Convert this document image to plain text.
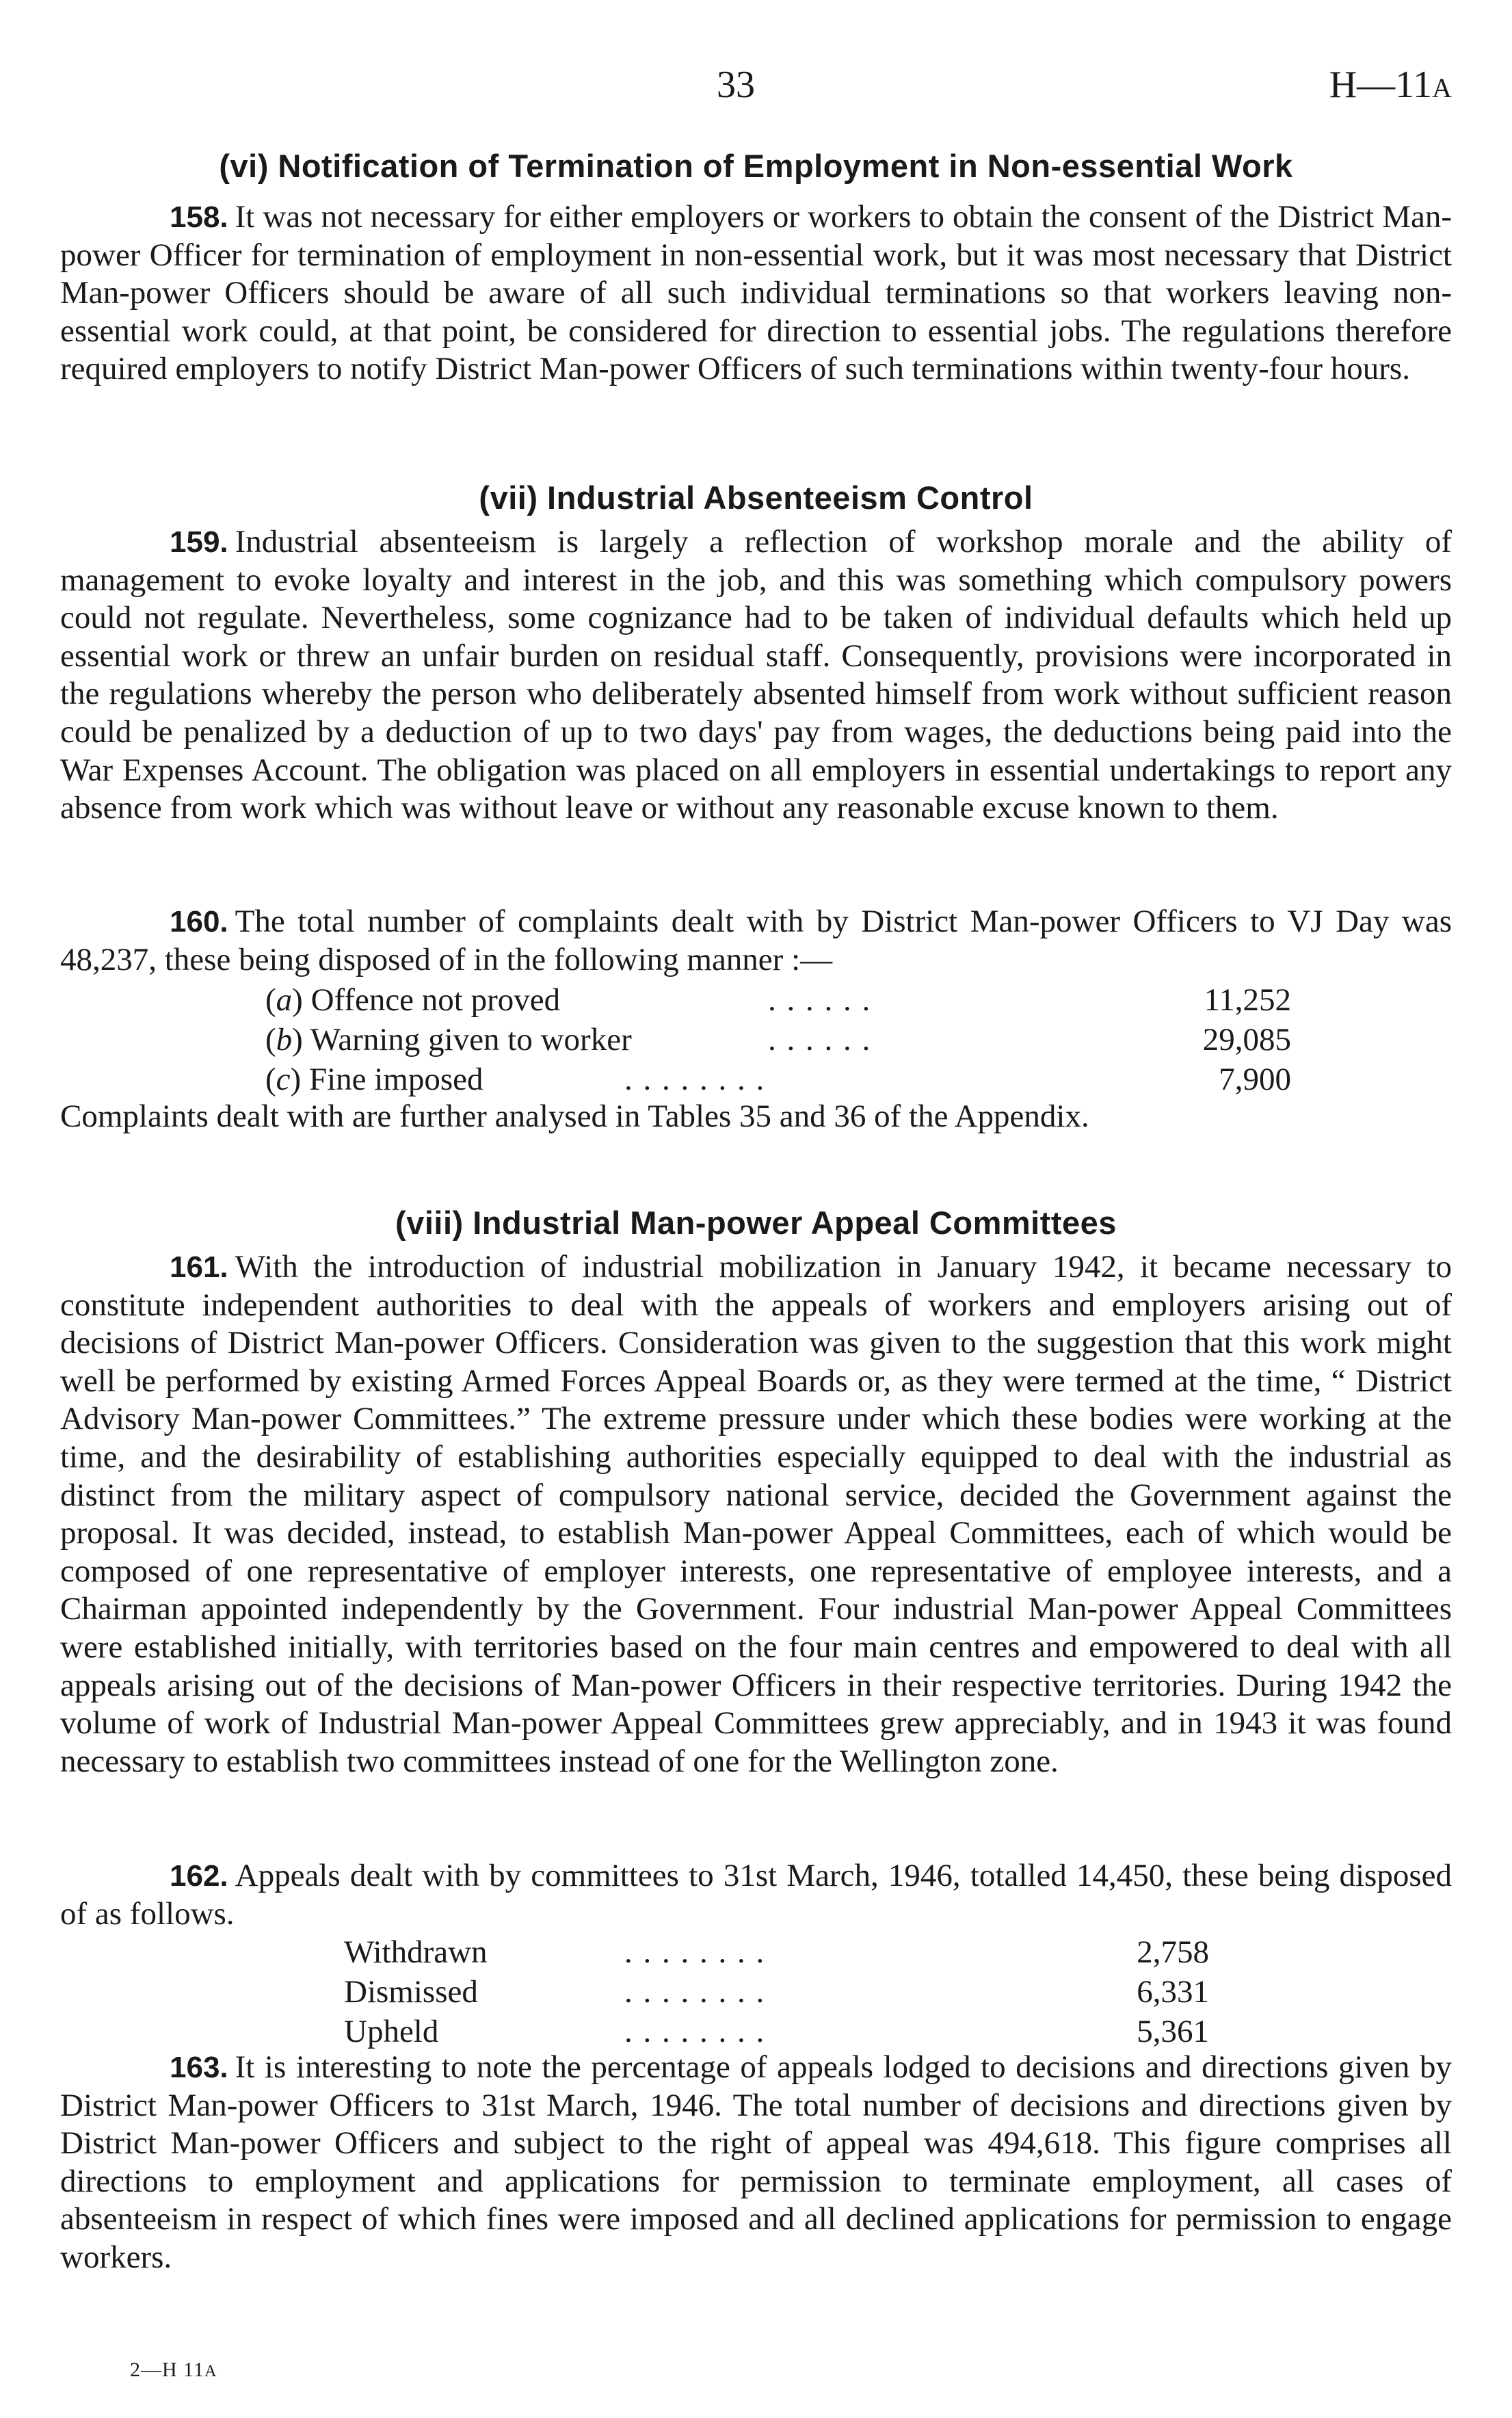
33	H—11A
(vi) Notification of Termination of Employment in Non-essential Work

158. It was not necessary for either employers or workers to obtain the consent of the District Man-power Officer for termination of employment in non-essential work, but it was most necessary that District Man-power Officers should be aware of all such individual terminations so that workers leaving non-essential work could, at that point, be considered for direction to essential jobs. The regulations therefore required employers to notify District Man-power Officers of such terminations within twenty-four hours.

(vii) Industrial Absenteeism Control

159. Industrial absenteeism is largely a reflection of workshop morale and the ability of management to evoke loyalty and interest in the job, and this was something which compulsory powers could not regulate. Nevertheless, some cognizance had to be taken of individual defaults which held up essential work or threw an unfair burden on residual staff. Consequently, provisions were incorporated in the regulations whereby the person who deliberately absented himself from work without sufficient reason could be penalized by a deduction of up to two days' pay from wages, the deductions being paid into the War Expenses Account. The obligation was placed on all employers in essential undertakings to report any absence from work which was without leave or without any reasonable excuse known to them.

160. The total number of complaints dealt with by District Man-power Officers to VJ Day was 48,237, these being disposed of in the following manner :—

(a) Offence not proved	. . . . . .	11,252
(b) Warning given to worker	. . . . . .	29,085
(c) Fine imposed	. . . . . . . .	7,900

Complaints dealt with are further analysed in Tables 35 and 36 of the Appendix.

(viii) Industrial Man-power Appeal Committees

161. With the introduction of industrial mobilization in January 1942, it became necessary to constitute independent authorities to deal with the appeals of workers and employers arising out of decisions of District Man-power Officers. Consideration was given to the suggestion that this work might well be performed by existing Armed Forces Appeal Boards or, as they were termed at the time, “ District Advisory Man-power Committees.” The extreme pressure under which these bodies were working at the time, and the desirability of establishing authorities especially equipped to deal with the industrial as distinct from the military aspect of compulsory national service, decided the Government against the proposal. It was decided, instead, to establish Man-power Appeal Committees, each of which would be composed of one representative of employer interests, one representative of employee interests, and a Chairman appointed independently by the Government. Four industrial Man-power Appeal Committees were established initially, with territories based on the four main centres and empowered to deal with all appeals arising out of the decisions of Man-power Officers in their respective territories. During 1942 the volume of work of Industrial Man-power Appeal Committees grew appreciably, and in 1943 it was found necessary to establish two committees instead of one for the Wellington zone.

162. Appeals dealt with by committees to 31st March, 1946, totalled 14,450, these being disposed of as follows.

Withdrawn	. . . . . . . .	2,758
Dismissed	. . . . . . . .	6,331
Upheld	. . . . . . . .	5,361

163. It is interesting to note the percentage of appeals lodged to decisions and directions given by District Man-power Officers to 31st March, 1946. The total number of decisions and directions given by District Man-power Officers and subject to the right of appeal was 494,618. This figure comprises all directions to employment and applications for permission to terminate employment, all cases of absenteeism in respect of which fines were imposed and all declined applications for permission to engage workers.

2—H 11A
